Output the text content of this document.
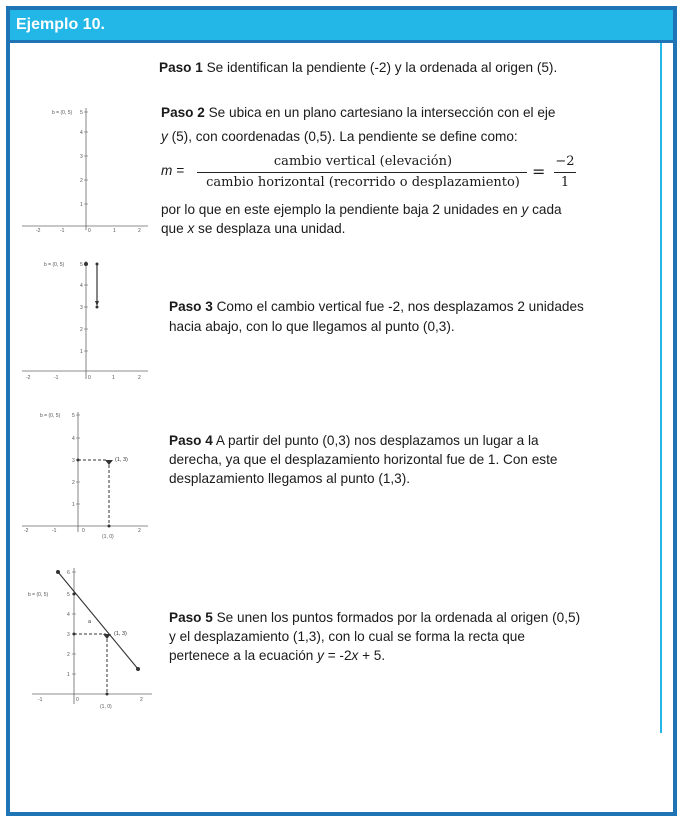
Ejemplo 10.
Paso 1 Se identifican la pendiente (-2) y la ordenada al origen (5).
1
2
3
4
5
b = (0, 5)
-2	-1	0	1	2
Paso 2 Se ubica en un plano cartesiano la intersección con el eje
y (5), con coordenadas (0,5). La pendiente se define como:
m =
cambio vertical (elevación)
cambio horizontal (recorrido o desplazamiento)
=
−2
1
por lo que en este ejemplo la pendiente baja 2 unidades en y cada
que x se desplaza una unidad.
1
2
3
4
5
b = (0, 5)
-2	-1	0	1	2
Paso 3 Como el cambio vertical fue -2, nos desplazamos 2 unidades
hacia abajo, con lo que llegamos al punto (0,3).
1
2
3
4
5
b = (0, 5)
(1, 3)
(1, 0)
-2	-1	0	2
Paso 4 A partir del punto (0,3) nos desplazamos un lugar a la
derecha, ya que el desplazamiento horizontal fue de 1. Con este
desplazamiento llegamos al punto (1,3).
1
2
3
4
5
6
b = (0, 5)
a
(1, 3)
(1, 0)
-1	0	2
Paso 5 Se unen los puntos formados por la ordenada al origen (0,5)
y el desplazamiento (1,3), con lo cual se forma la recta que
pertenece a la ecuación y = -2x + 5.
